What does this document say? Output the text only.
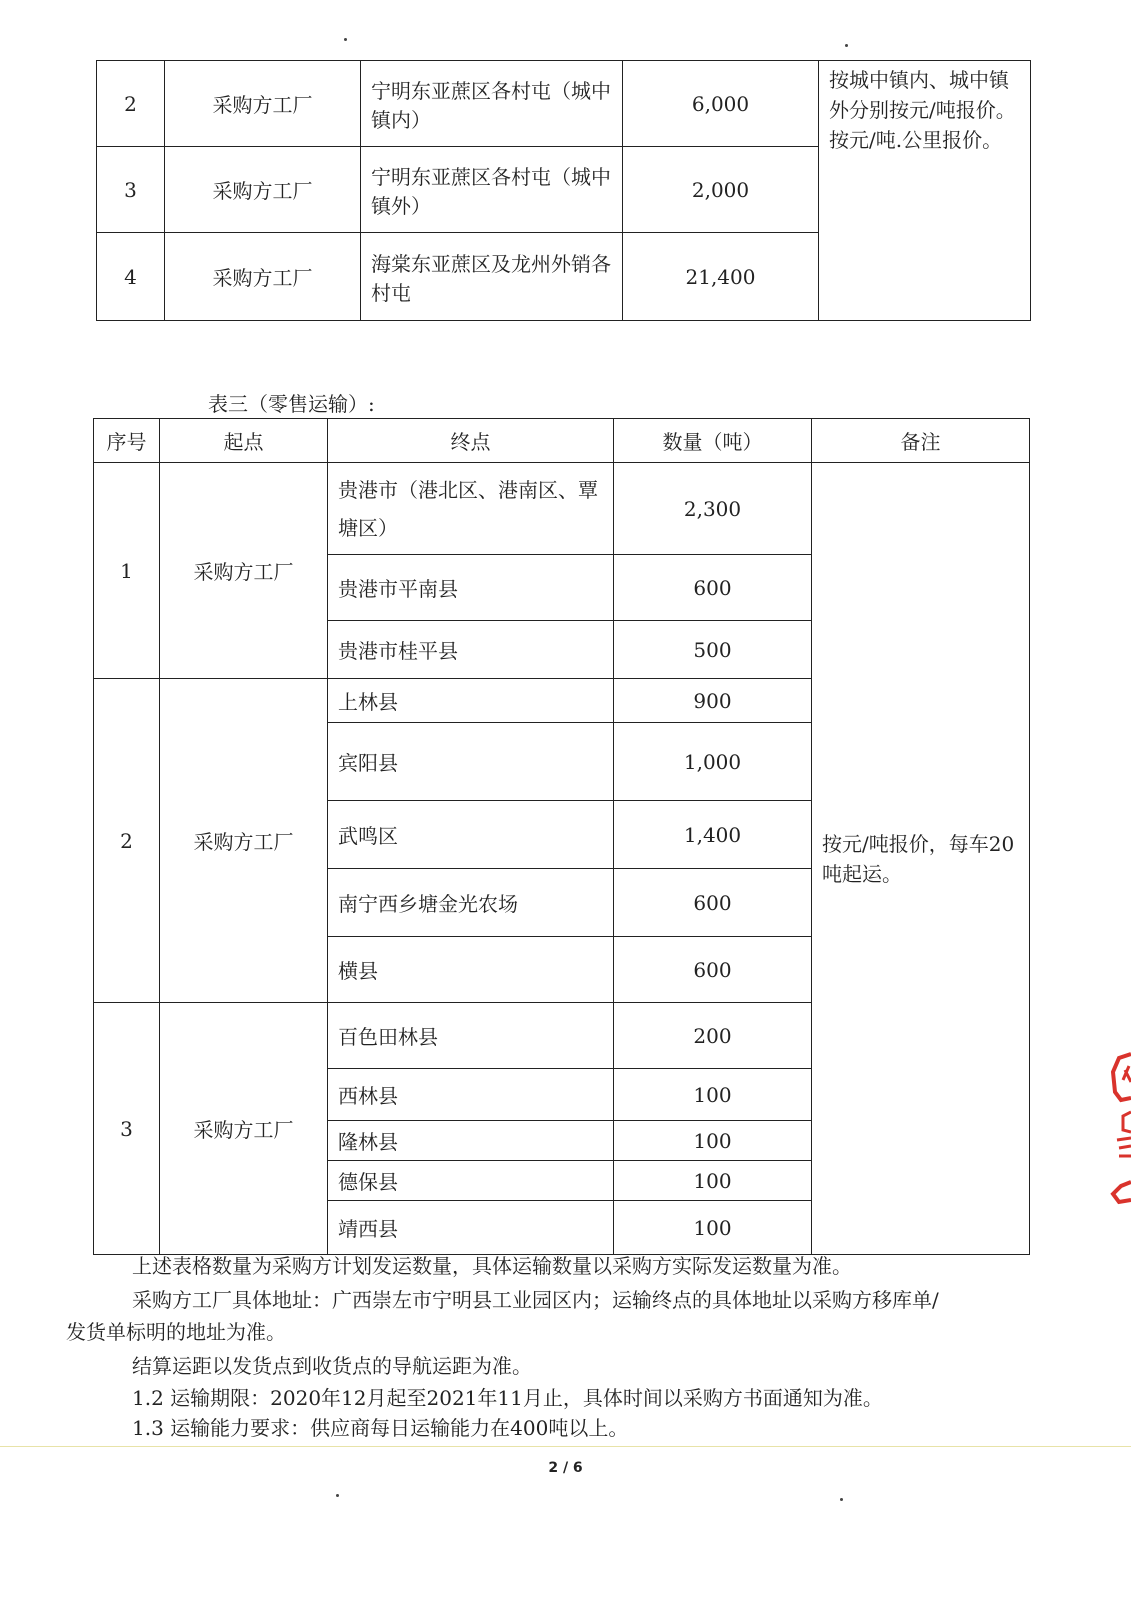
2	采购方工厂	宁明东亚蔗区各村屯（城中镇内）	6,000	按城中镇内、城中镇外分别按元/吨报价。
按元/吨.公里报价。
3	采购方工厂	宁明东亚蔗区各村屯（城中镇外）	2,000	
4	采购方工厂	海棠东亚蔗区及龙州外销各村屯	21,400	
表三（零售运输）:
序号	起点	终点	数量（吨）	备注
1	采购方工厂	贵港市（港北区、港南区、覃塘区）	2,300	按元/吨报价，每车20吨起运。
		贵港市平南县	600	
		贵港市桂平县	500	
2	采购方工厂	上林县	900	
		宾阳县	1,000	
		武鸣区	1,400	
		南宁西乡塘金光农场	600	
		横县	600	
3	采购方工厂	百色田林县	200	
		西林县	100	
		隆林县	100	
		德保县	100	
		靖西县	100	
上述表格数量为采购方计划发运数量，具体运输数量以采购方实际发运数量为准。
采购方工厂具体地址：广西崇左市宁明县工业园区内；运输终点的具体地址以采购方移库单/
发货单标明的地址为准。
结算运距以发货点到收货点的导航运距为准。
1.2 运输期限：2020年12月起至2021年11月止，具体时间以采购方书面通知为准。
1.3 运输能力要求：供应商每日运输能力在400吨以上。
2 / 6
